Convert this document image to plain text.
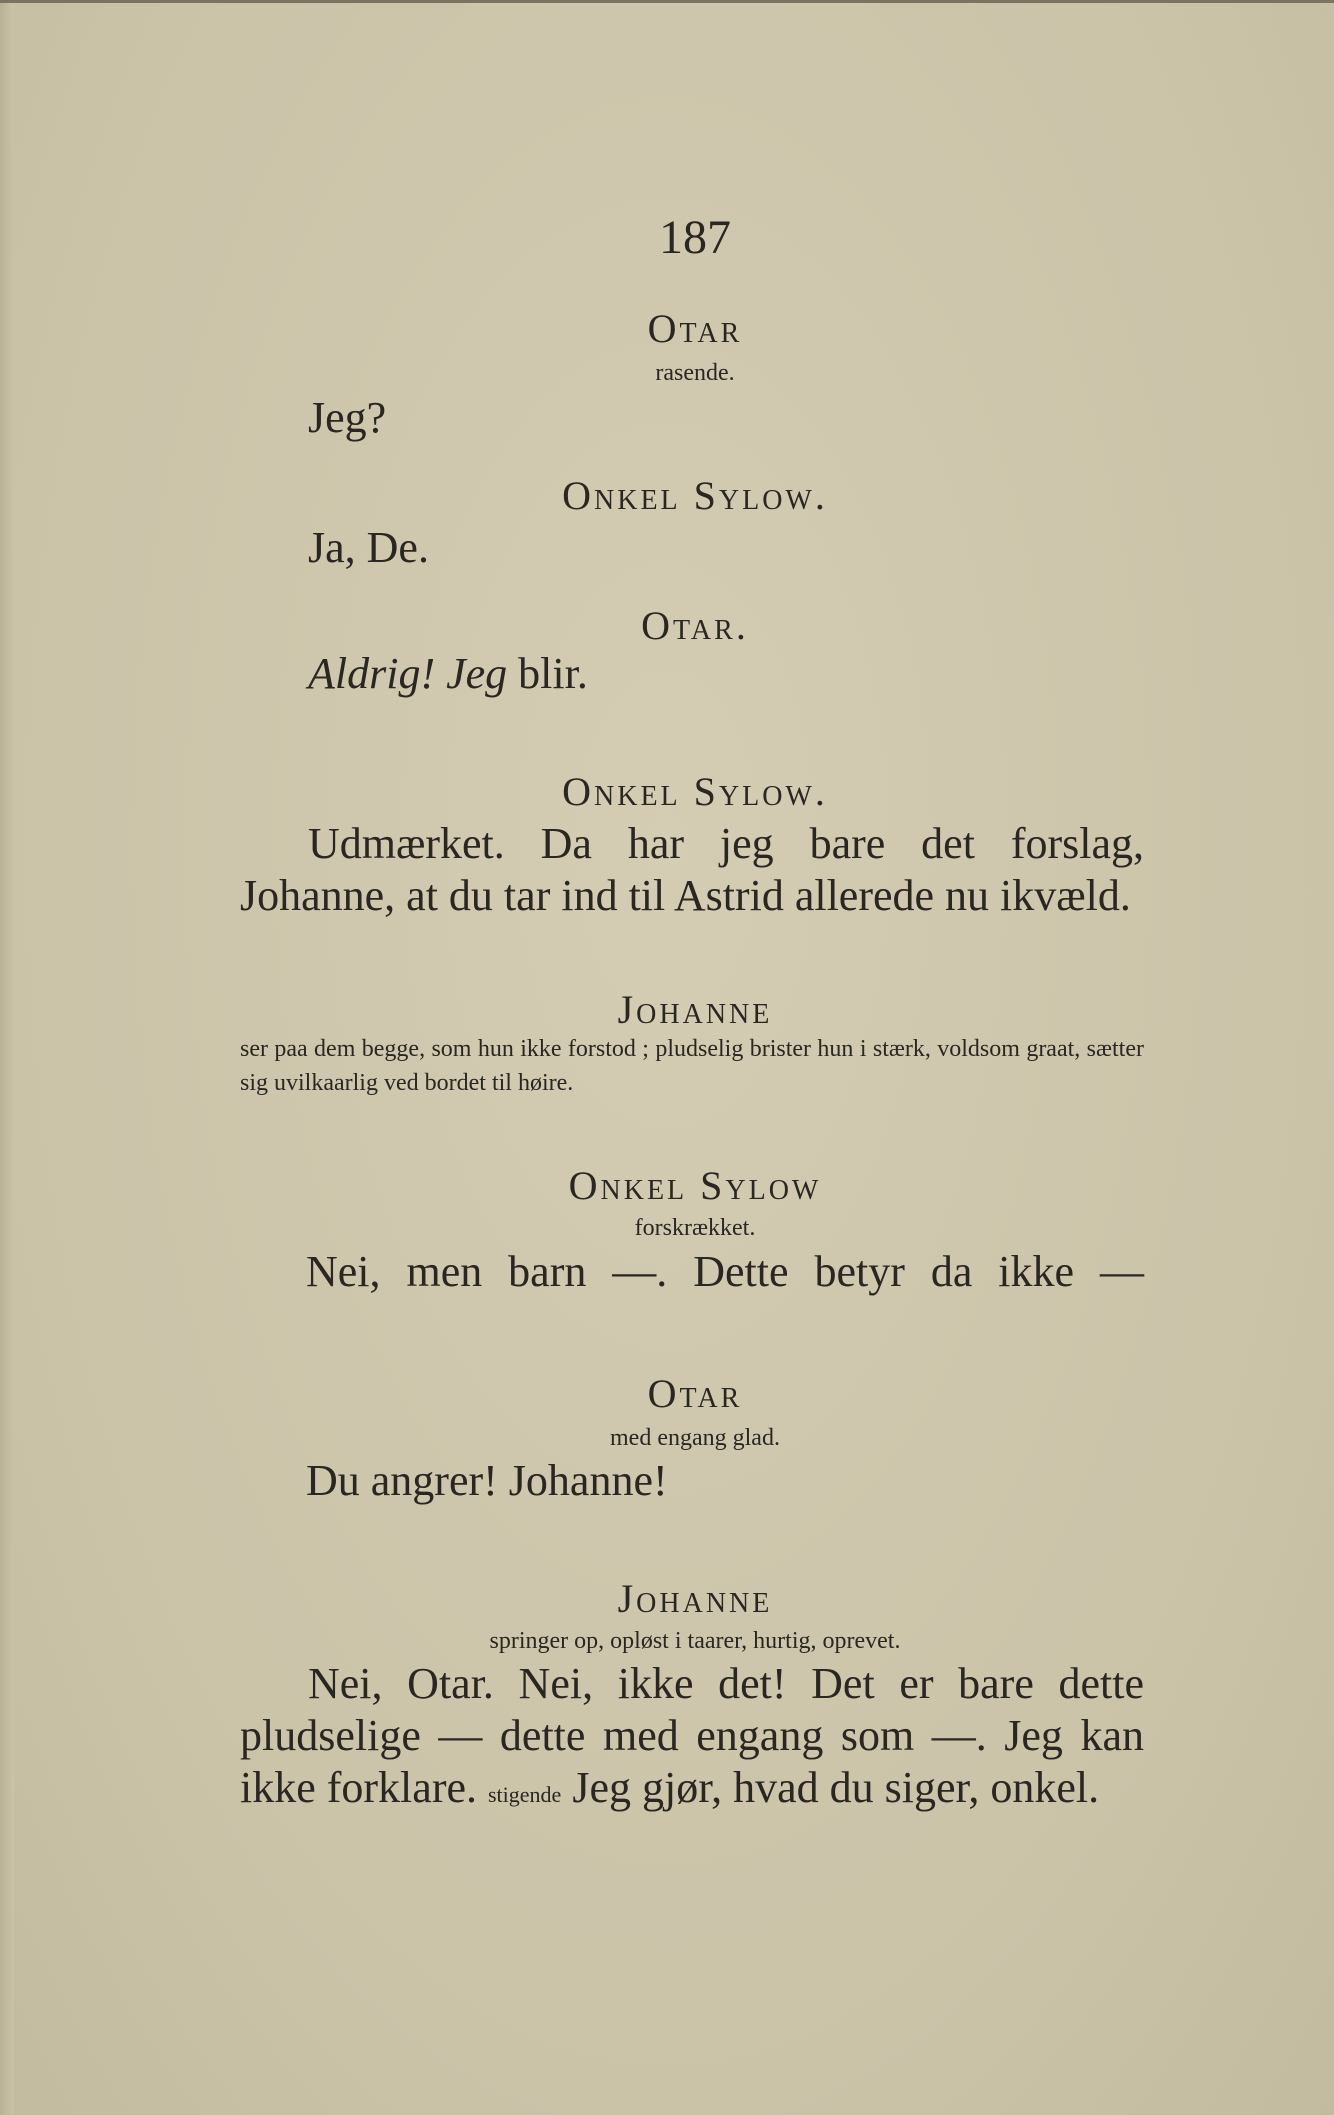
187
Otar
rasende.
Jeg?
Onkel Sylow.
Ja, De.
Otar.
Aldrig! Jeg blir.
Onkel Sylow.
Udmærket. Da har jeg bare det forslag, Johanne, at du tar ind til Astrid allerede nu ikvæld.
Johanne
ser paa dem begge, som hun ikke forstod ; pludselig brister hun i stærk, voldsom graat, sætter sig uvilkaarlig ved bordet til høire.
Onkel Sylow
forskrækket.
Nei, men barn —. Dette betyr da ikke —
Otar
med engang glad.
Du angrer! Johanne!
Johanne
springer op, opløst i taarer, hurtig, oprevet.
Nei, Otar. Nei, ikke det! Det er bare dette pludselige — dette med engang som —. Jeg kan ikke forklare. stigende Jeg gjør, hvad du siger, onkel.
